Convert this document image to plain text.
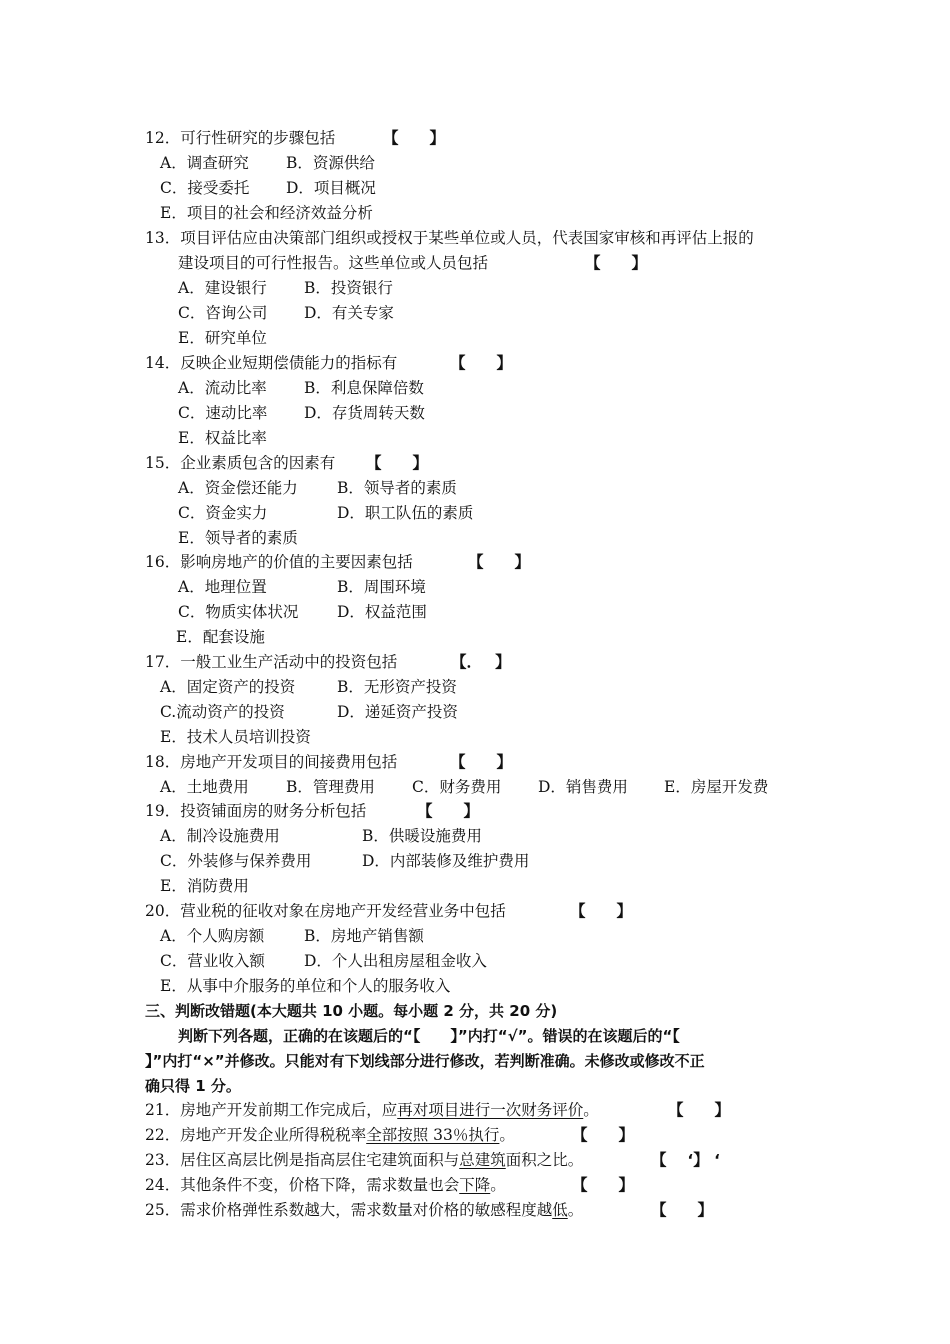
12．可行性研究的步骤包括	【　　】
A．调查研究 B．资源供给
C．接受委托 D．项目概况
E．项目的社会和经济效益分析
13．项目评估应由决策部门组织或授权于某些单位或人员，代表国家审核和再评估上报的
建设项目的可行性报告。这些单位或人员包括	【　　】
A．建设银行 B．投资银行
C．咨询公司 D．有关专家
E．研究单位
14．反映企业短期偿债能力的指标有	【　　】
A．流动比率 B．利息保障倍数
C．速动比率 D．存货周转天数
E．权益比率
15．企业素质包含的因素有 【　　】
A．资金偿还能力	B．领导者的素质
C．资金实力	D．职工队伍的素质
E．领导者的素质
16．影响房地产的价值的主要因素包括	【　　】
A．地理位置	B．周围环境
C．物质实体状况 D．权益范围
E．配套设施
17．一般工业生产活动中的投资包括	【．　 】
A．固定资产的投资	B．无形资产投资
C.流动资产的投资	D．递延资产投资
E．技术人员培训投资
18．房地产开发项目的间接费用包括	【　　】
A．土地费用 B．管理费用 C．财务费用 D．销售费用 E．房屋开发费
19．投资铺面房的财务分析包括	【　　】
A．制冷设施费用	B．供暖设施费用
C．外装修与保养费用	D．内部装修及维护费用
E．消防费用
20．营业税的征收对象在房地产开发经营业务中包括	【　　】
A．个人购房额	B．房地产销售额
C．营业收入额	D．个人出租房屋租金收入
E．从事中介服务的单位和个人的服务收入
三、判断改错题(本大题共 10 小题。每小题 2 分，共 20 分)
判断下列各题，正确的在该题后的“【　　】”内打“√”。错误的在该题后的“【
】”内打“×”并修改。只能对有下划线部分进行修改，若判断准确。未修改或修改不正
确只得 1 分。
21．房地产开发前期工作完成后，应再对项目进行一次财务评价。	【　　】
22．房地产开发企业所得税税率全部按照 33％执行。	【　　】
23．居住区高层比例是指高层住宅建筑面积与总建筑面积之比。	【　 ‘】 ‘
24．其他条件不变，价格下降，需求数量也会下降。	【　　】
25．需求价格弹性系数越大，需求数量对价格的敏感程度越低。	【　　】
